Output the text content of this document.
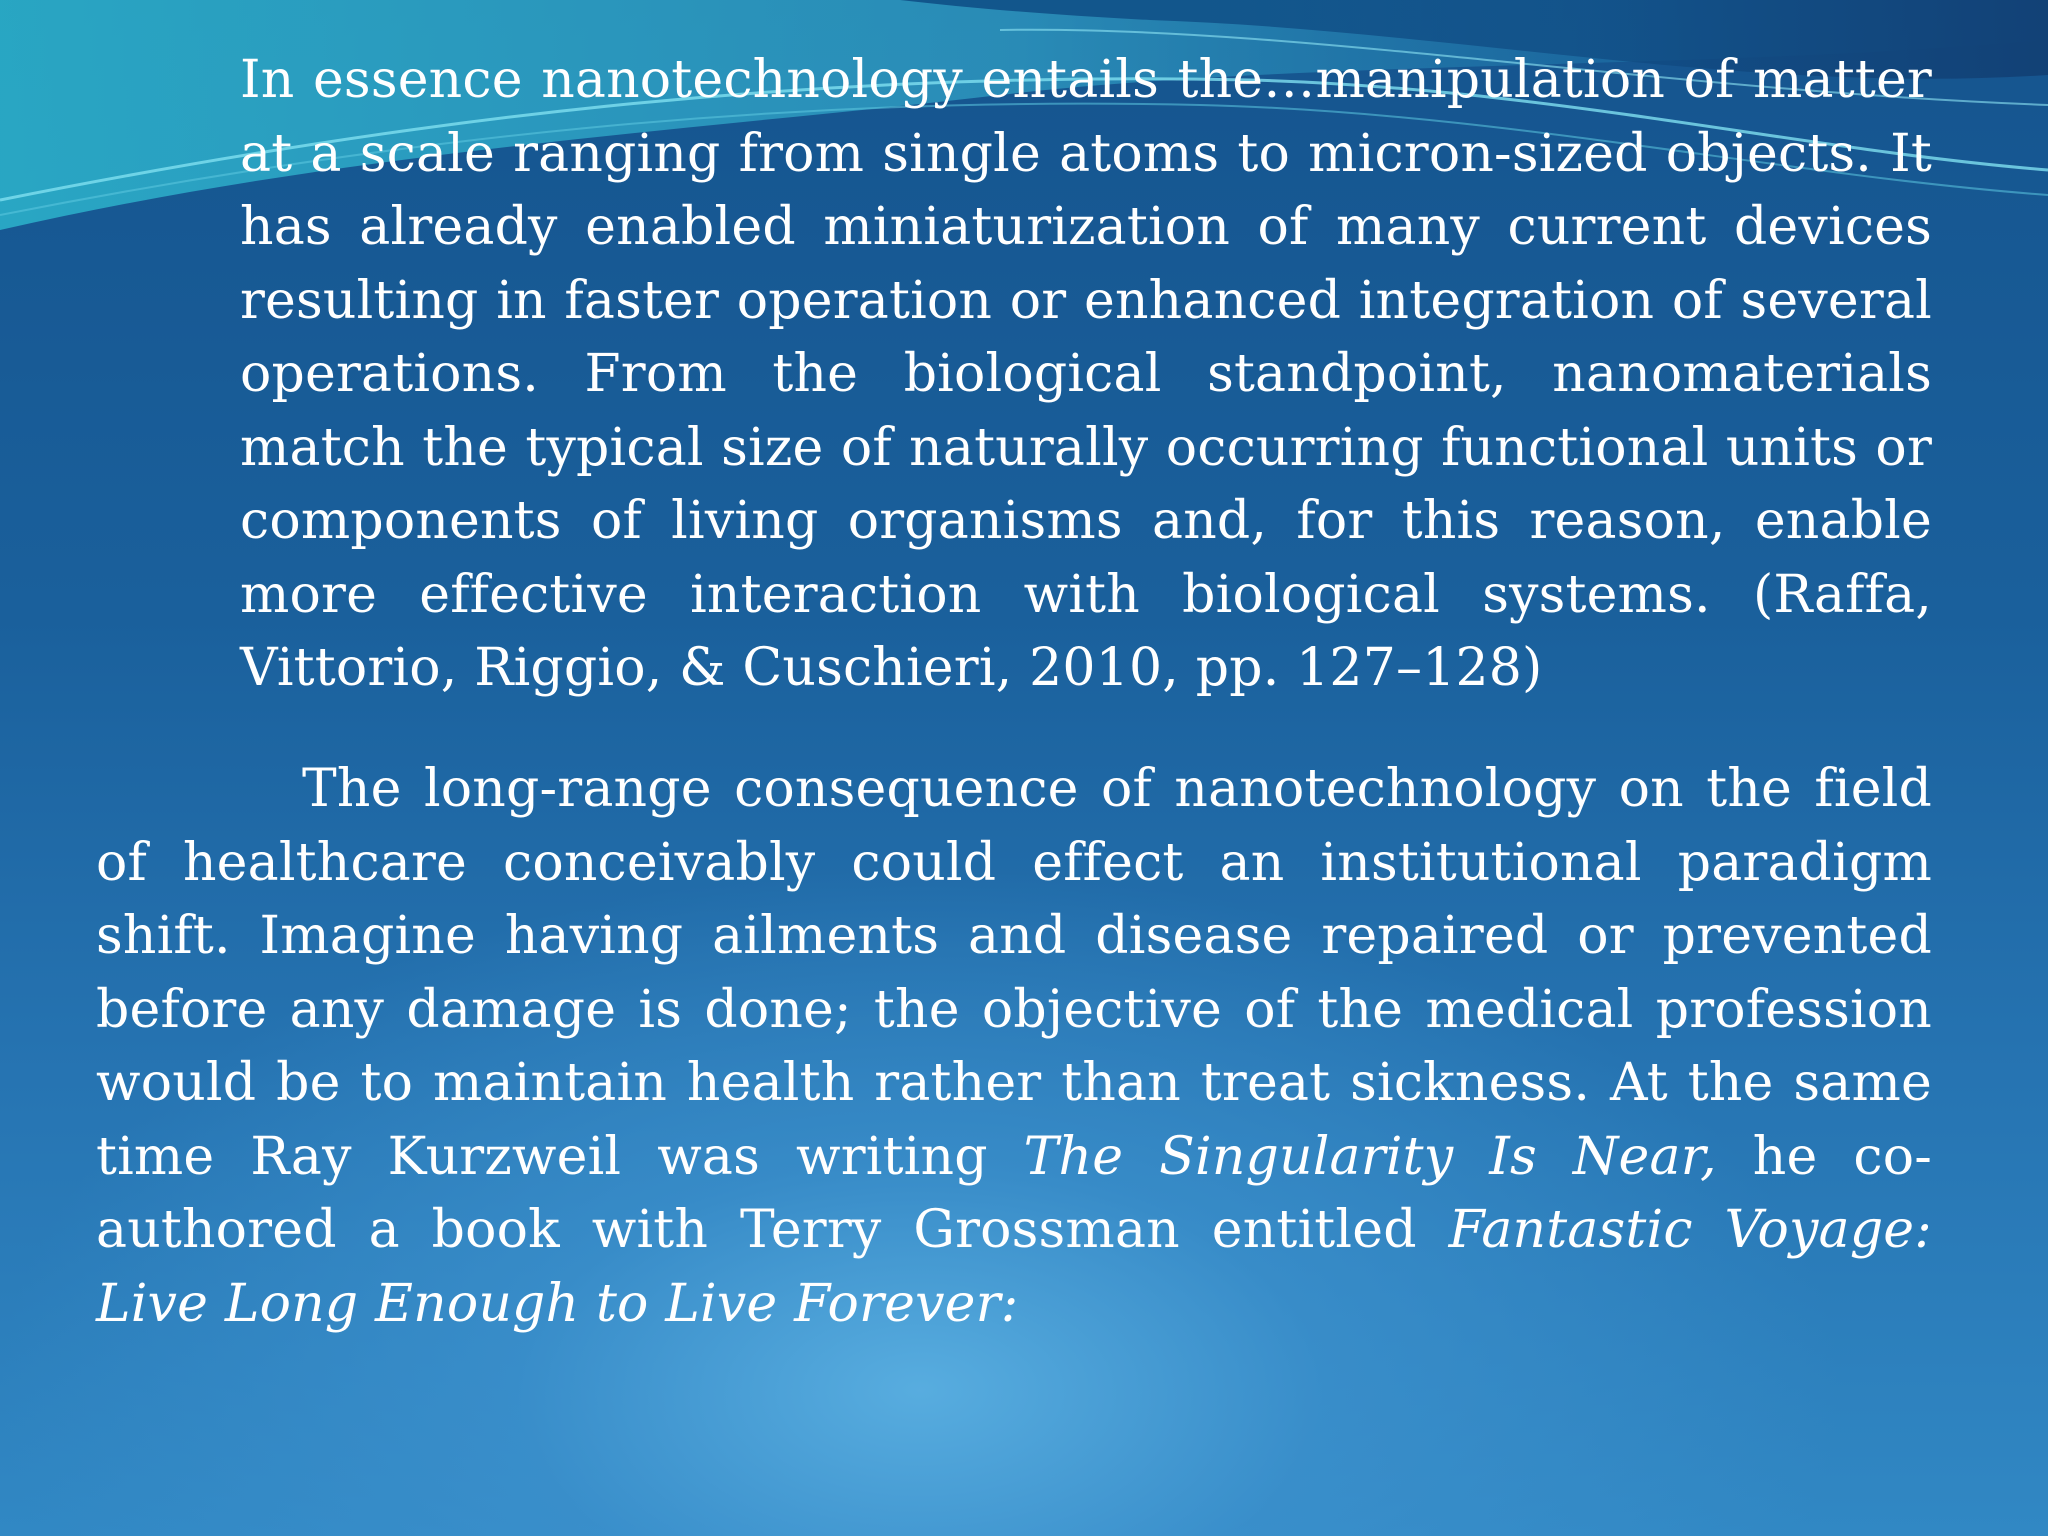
In essence nanotechnology entails the…manipulation of matter at a scale ranging from single atoms to micron-sized objects. It has already enabled miniaturization of many current devices resulting in faster operation or enhanced integration of several operations. From the biological standpoint, nanomaterials match the typical size of naturally occurring functional units or components of living organisms and, for this reason, enable more effective interaction with biological systems. (Raffa, Vittorio, Riggio, & Cuschieri, 2010, pp. 127–128)
The long-range consequence of nanotechnology on the field of healthcare conceivably could effect an institutional paradigm shift. Imagine having ailments and disease repaired or prevented before any damage is done; the objective of the medical profession would be to maintain health rather than treat sickness. At the same time Ray Kurzweil was writing The Singularity Is Near, he co-authored a book with Terry Grossman entitled Fantastic Voyage: Live Long Enough to Live Forever:
